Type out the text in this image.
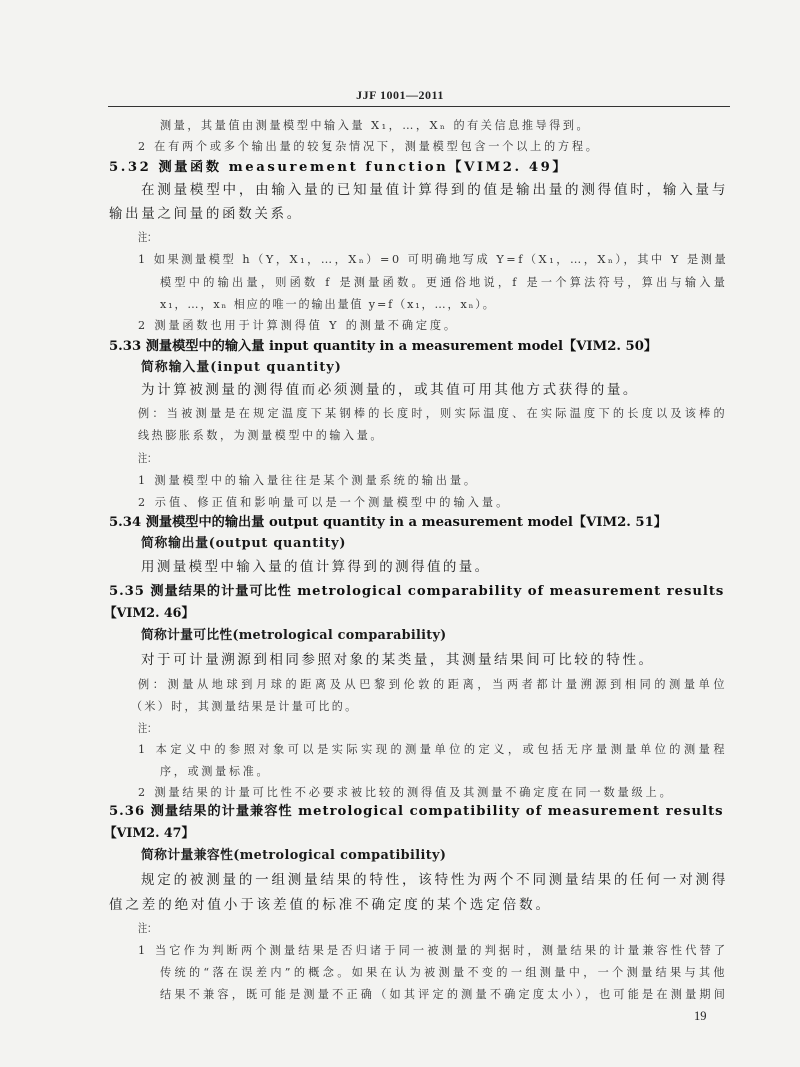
JJF 1001—2011
测量，其量值由测量模型中输入量 X₁，…，Xₙ 的有关信息推导得到。
2 在有两个或多个输出量的较复杂情况下，测量模型包含一个以上的方程。
5.32 测量函数 measurement function【VIM2. 49】
在测量模型中，由输入量的已知量值计算得到的值是输出量的测得值时，输入量与
输出量之间量的函数关系。
注：
1 如果测量模型 h（Y，X₁，…，Xₙ）=0 可明确地写成 Y=f（X₁，…，Xₙ），其中 Y 是测量
模型中的输出量，则函数 f 是测量函数。更通俗地说，f 是一个算法符号，算出与输入量
x₁，…，xₙ 相应的唯一的输出量值 y=f（x₁，…，xₙ）。
2 测量函数也用于计算测得值 Y 的测量不确定度。
5.33 测量模型中的输入量 input quantity in a measurement model【VIM2. 50】
简称输入量(input quantity)
为计算被测量的测得值而必须测量的，或其值可用其他方式获得的量。
例：当被测量是在规定温度下某钢棒的长度时，则实际温度、在实际温度下的长度以及该棒的
线热膨胀系数，为测量模型中的输入量。
注：
1 测量模型中的输入量往往是某个测量系统的输出量。
2 示值、修正值和影响量可以是一个测量模型中的输入量。
5.34 测量模型中的输出量 output quantity in a measurement model【VIM2. 51】
简称输出量(output quantity)
用测量模型中输入量的值计算得到的测得值的量。
5.35 测量结果的计量可比性 metrological comparability of measurement results
【VIM2. 46】
简称计量可比性(metrological comparability)
对于可计量溯源到相同参照对象的某类量，其测量结果间可比较的特性。
例：测量从地球到月球的距离及从巴黎到伦敦的距离，当两者都计量溯源到相同的测量单位
（米）时，其测量结果是计量可比的。
注：
1 本定义中的参照对象可以是实际实现的测量单位的定义，或包括无序量测量单位的测量程
序，或测量标准。
2 测量结果的计量可比性不必要求被比较的测得值及其测量不确定度在同一数量级上。
5.36 测量结果的计量兼容性 metrological compatibility of measurement results
【VIM2. 47】
简称计量兼容性(metrological compatibility)
规定的被测量的一组测量结果的特性，该特性为两个不同测量结果的任何一对测得
值之差的绝对值小于该差值的标准不确定度的某个选定倍数。
注：
1 当它作为判断两个测量结果是否归诸于同一被测量的判据时，测量结果的计量兼容性代替了
传统的“落在误差内”的概念。如果在认为被测量不变的一组测量中，一个测量结果与其他
结果不兼容，既可能是测量不正确（如其评定的测量不确定度太小），也可能是在测量期间
19
